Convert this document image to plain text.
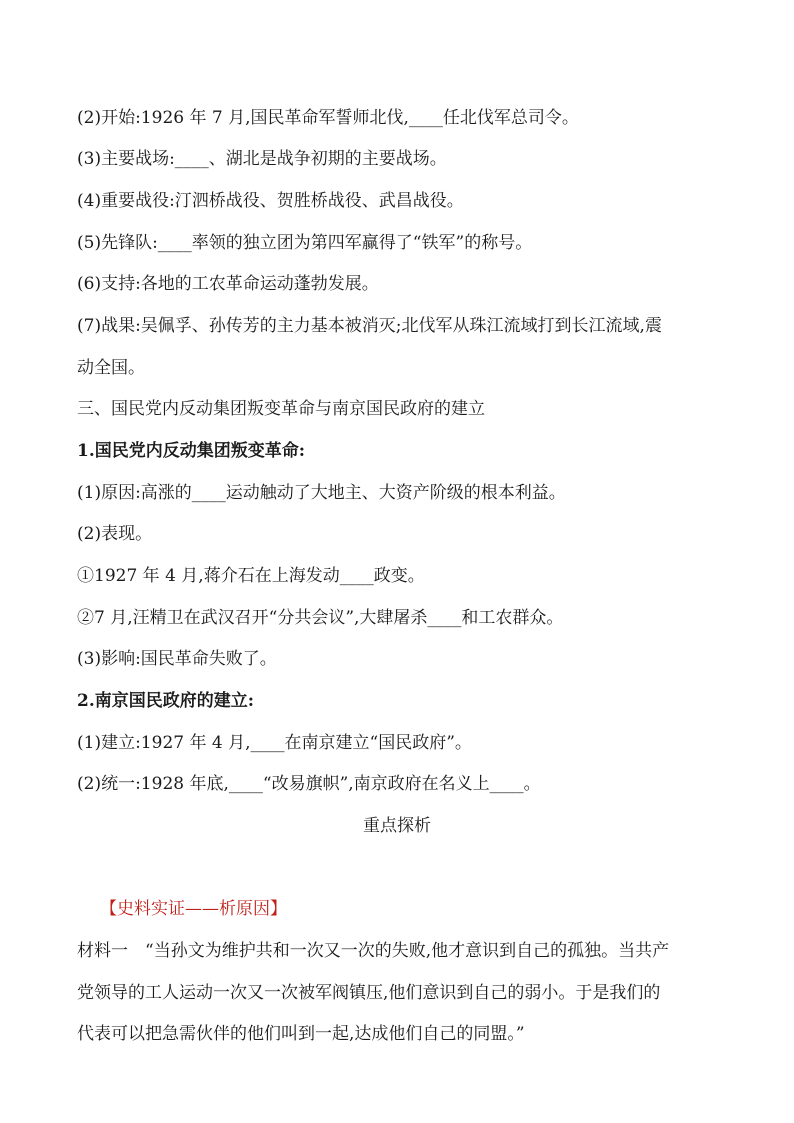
(2)开始:1926 年 7 月,国民革命军誓师北伐,____任北伐军总司令。
(3)主要战场:____、湖北是战争初期的主要战场。
(4)重要战役:汀泗桥战役、贺胜桥战役、武昌战役。
(5)先锋队:____率领的独立团为第四军赢得了“铁军”的称号。
(6)支持:各地的工农革命运动蓬勃发展。
(7)战果:吴佩孚、孙传芳的主力基本被消灭;北伐军从珠江流域打到长江流域,震
动全国。
三、国民党内反动集团叛变革命与南京国民政府的建立
1.国民党内反动集团叛变革命:
(1)原因:高涨的____运动触动了大地主、大资产阶级的根本利益。
(2)表现。
①1927 年 4 月,蒋介石在上海发动____政变。
②7 月,汪精卫在武汉召开“分共会议”,大肆屠杀____和工农群众。
(3)影响:国民革命失败了。
2.南京国民政府的建立:
(1)建立:1927 年 4 月,____在南京建立“国民政府”。
(2)统一:1928 年底,____“改易旗帜”,南京政府在名义上____。
重点探析
【史料实证——析原因】
材料一　“当孙文为维护共和一次又一次的失败,他才意识到自己的孤独。当共产
党领导的工人运动一次又一次被军阀镇压,他们意识到自己的弱小。于是我们的
代表可以把急需伙伴的他们叫到一起,达成他们自己的同盟。”
